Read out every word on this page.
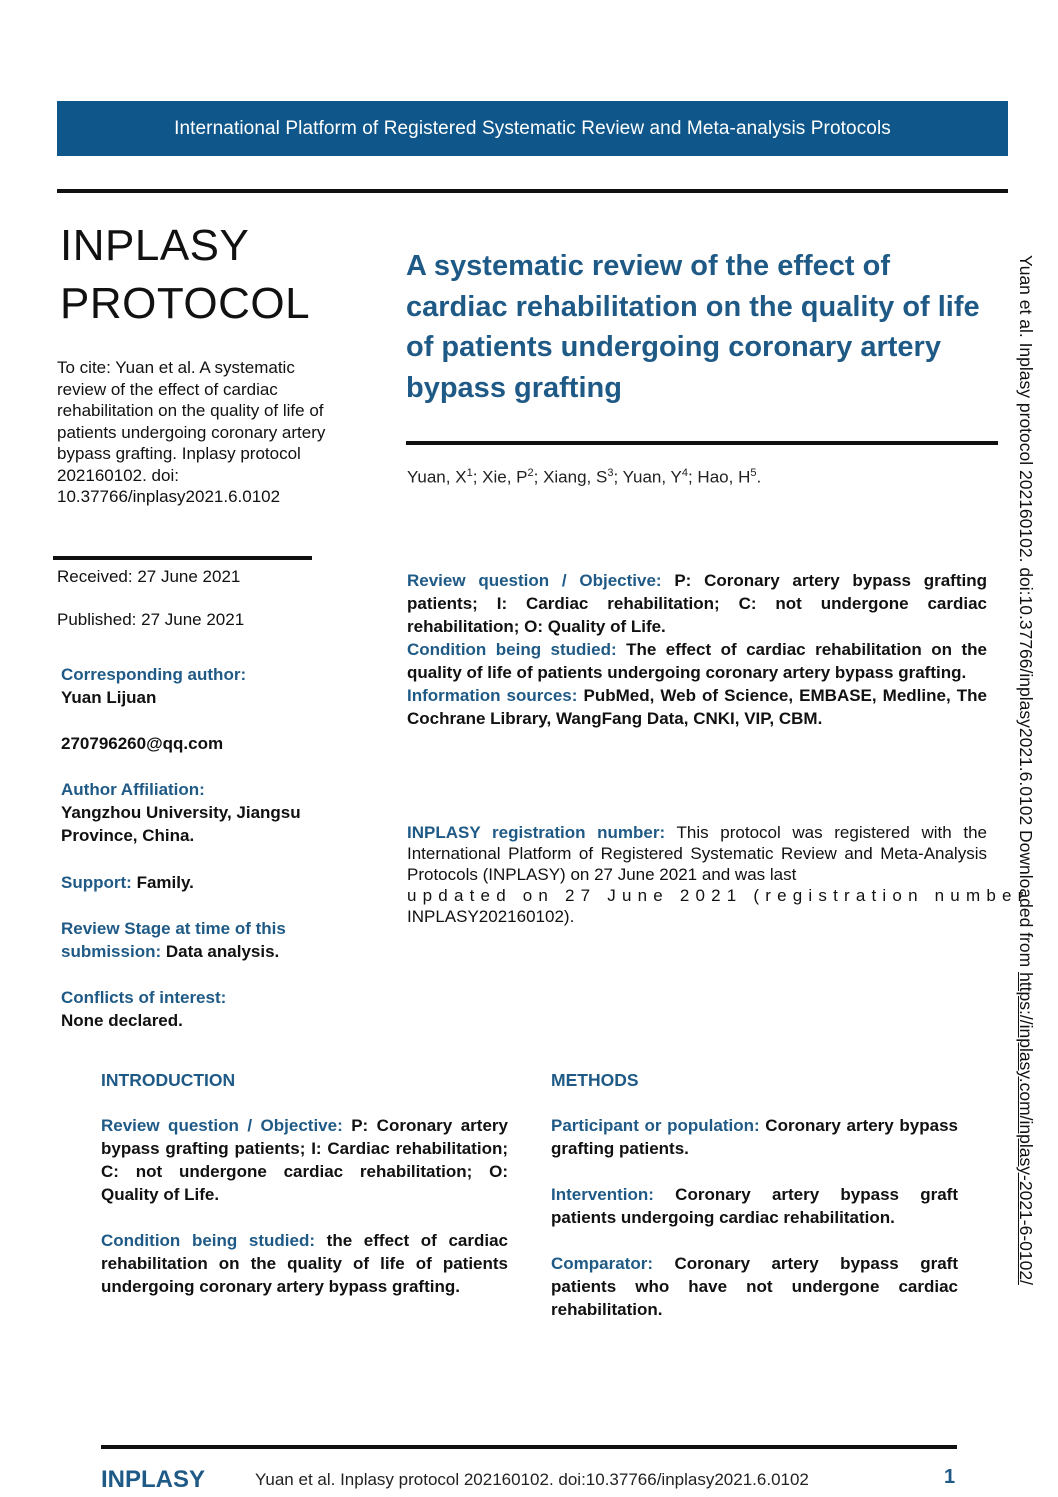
International Platform of Registered Systematic Review and Meta-analysis Protocols
INPLASY
PROTOCOL
To cite: Yuan et al. A systematic review of the effect of cardiac rehabilitation on the quality of life of patients undergoing coronary artery bypass grafting. Inplasy protocol 202160102. doi: 10.37766/inplasy2021.6.0102
Received: 27 June 2021
Published: 27 June 2021
Corresponding author:
Yuan Lijuan
270796260@qq.com
Author Affiliation:
Yangzhou University, Jiangsu Province, China.
Support: Family.
Review Stage at time of this submission: Data analysis.
Conflicts of interest:
None declared.
A systematic review of the effect of cardiac rehabilitation on the quality of life of patients undergoing coronary artery bypass grafting
Yuan, $X^1$; Xie, $P^2$; Xiang, $S^3$; Yuan, $Y^4$; Hao, $H^5$.

Review question / Objective: P: Coronary artery bypass grafting patients; I: Cardiac rehabilitation; C: not undergone cardiac rehabilitation; O: Quality of Life.

Condition being studied: The effect of cardiac rehabilitation on the quality of life of patients undergoing coronary artery bypass grafting.

Information sources: PubMed, Web of Science, EMBASE, Medline, The Cochrane Library, WangFang Data, CNKI, VIP, CBM.

INPLASY registration number: This protocol was registered with the International Platform of Registered Systematic Review and Meta-Analysis Protocols (INPLASY) on 27 June 2021 and was last
updated on 27 June 2021 (registration number
INPLASY202160102).
INTRODUCTION

Review question / Objective: P: Coronary artery bypass grafting patients; I: Cardiac rehabilitation; C: not undergone cardiac rehabilitation; O: Quality of Life.

Condition being studied: the effect of cardiac rehabilitation on the quality of life of patients undergoing coronary artery bypass grafting.

METHODS

Participant or population: Coronary artery bypass grafting patients.

Intervention: Coronary artery bypass graft patients undergoing cardiac rehabilitation.

Comparator: Coronary artery bypass graft patients who have not undergone cardiac rehabilitation.

Yuan et al. Inplasy protocol 202160102. doi:10.37766/inplasy2021.6.0102 Downloaded from https://inplasy.com/inplasy-2021-6-0102/
INPLASY	Yuan et al. Inplasy protocol 202160102. doi:10.37766/inplasy2021.6.0102	1
